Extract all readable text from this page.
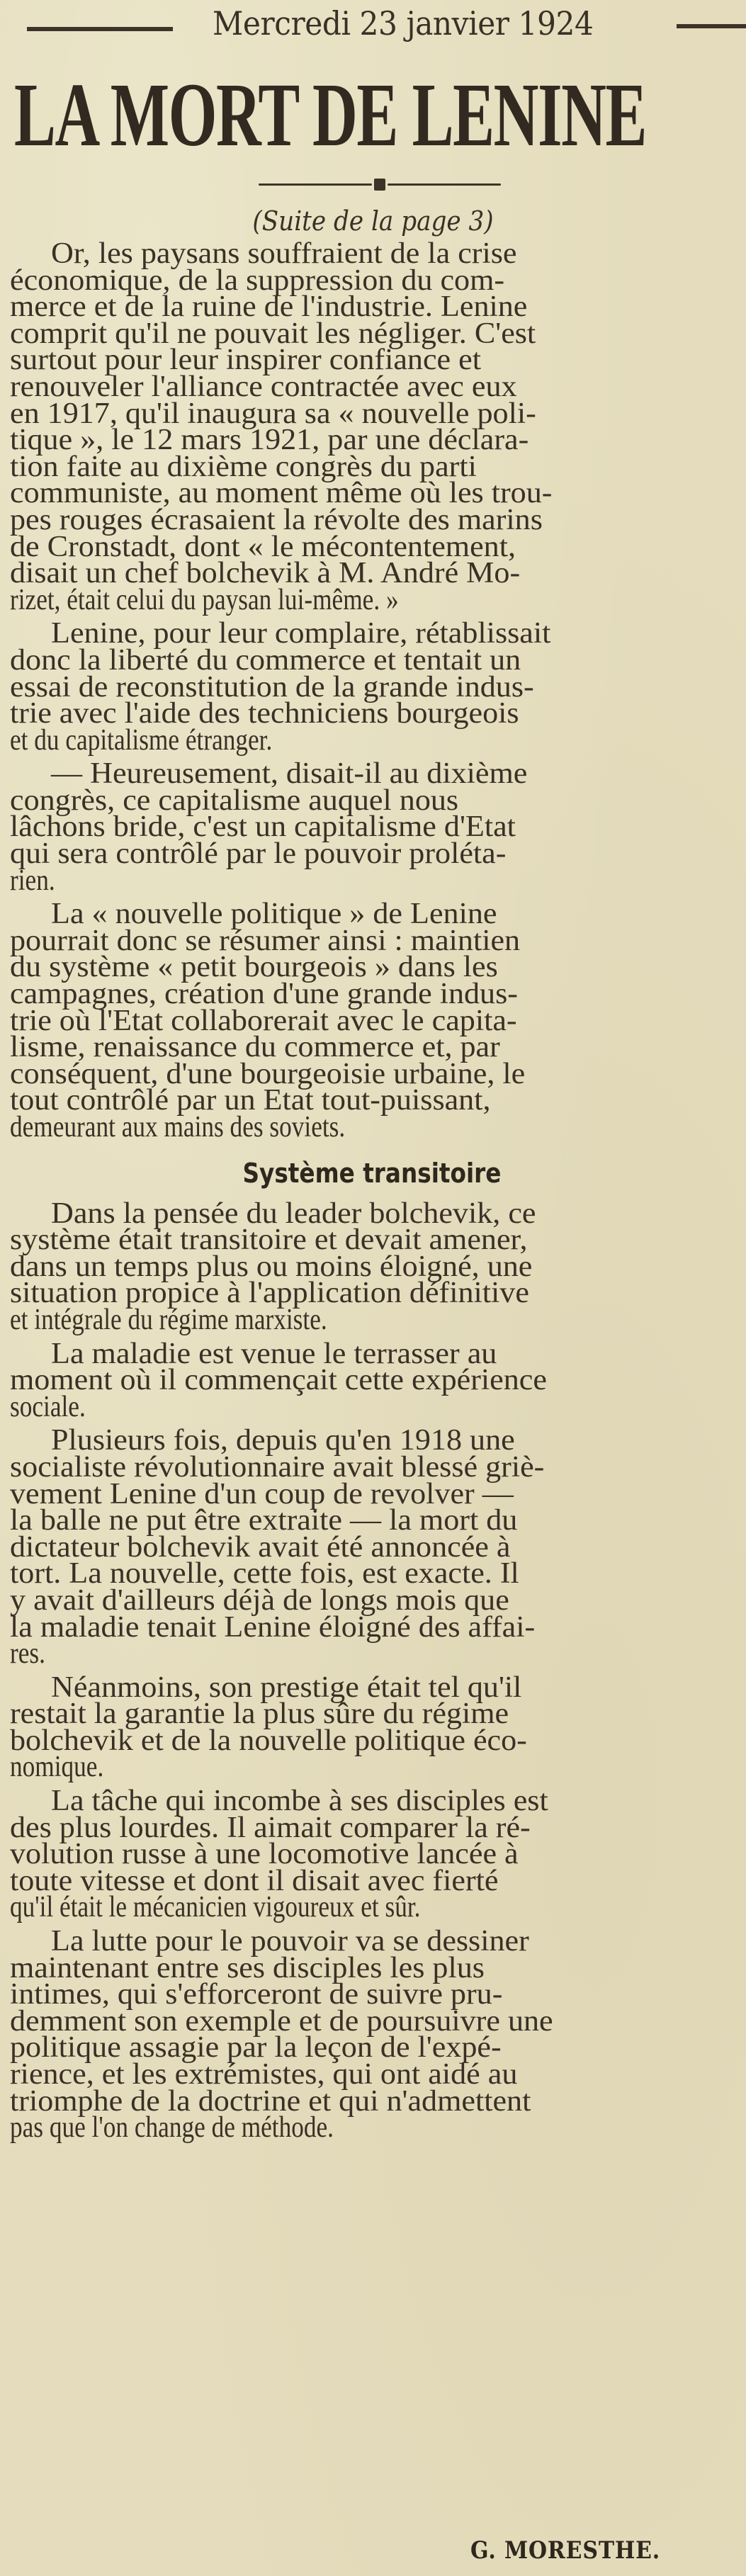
Mercredi 23 janvier 1924
LA MORT DE LENINE
(Suite de la page 3)
Or, les paysans souffraient de la crise
économique, de la suppression du com-
merce et de la ruine de l'industrie. Lenine
comprit qu'il ne pouvait les négliger. C'est
surtout pour leur inspirer confiance et
renouveler l'alliance contractée avec eux
en 1917, qu'il inaugura sa « nouvelle poli-
tique », le 12 mars 1921, par une déclara-
tion faite au dixième congrès du parti
communiste, au moment même où les trou-
pes rouges écrasaient la révolte des marins
de Cronstadt, dont « le mécontentement,
disait un chef bolchevik à M. André Mo-
rizet, était celui du paysan lui-même. »
Lenine, pour leur complaire, rétablissait
donc la liberté du commerce et tentait un
essai de reconstitution de la grande indus-
trie avec l'aide des techniciens bourgeois
et du capitalisme étranger.
— Heureusement, disait-il au dixième
congrès, ce capitalisme auquel nous
lâchons bride, c'est un capitalisme d'Etat
qui sera contrôlé par le pouvoir prolétа-
rien.
La « nouvelle politique » de Lenine
pourrait donc se résumer ainsi : maintien
du système « petit bourgeois » dans les
campagnes, création d'une grande indus-
trie où l'Etat collaborerait avec le capita-
lisme, renaissance du commerce et, par
conséquent, d'une bourgeoisie urbaine, le
tout contrôlé par un Etat tout-puissant,
demeurant aux mains des soviets.
Système transitoire
Dans la pensée du leader bolchevik, ce
système était transitoire et devait amener,
dans un temps plus ou moins éloigné, une
situation propice à l'application définitive
et intégrale du régime marxiste.
La maladie est venue le terrasser au
moment où il commençait cette expérience
sociale.
Plusieurs fois, depuis qu'en 1918 une
socialiste révolutionnaire avait blessé griè-
vement Lenine d'un coup de revolver —
la balle ne put être extraite — la mort du
dictateur bolchevik avait été annoncée à
tort. La nouvelle, cette fois, est exacte. Il
y avait d'ailleurs déjà de longs mois que
la maladie tenait Lenine éloigné des affai-
res.
Néanmoins, son prestige était tel qu'il
restait la garantie la plus sûre du régime
bolchevik et de la nouvelle politique éco-
nomique.
La tâche qui incombe à ses disciples est
des plus lourdes. Il aimait comparer la ré-
volution russe à une locomotive lancée à
toute vitesse et dont il disait avec fierté
qu'il était le mécanicien vigoureux et sûr.
La lutte pour le pouvoir va se dessiner
maintenant entre ses disciples les plus
intimes, qui s'efforceront de suivre pru-
demment son exemple et de poursuivre une
politique assagie par la leçon de l'expé-
rience, et les extrémistes, qui ont aidé au
triomphe de la doctrine et qui n'admettent
pas que l'on change de méthode.
G. MORESTHE.
